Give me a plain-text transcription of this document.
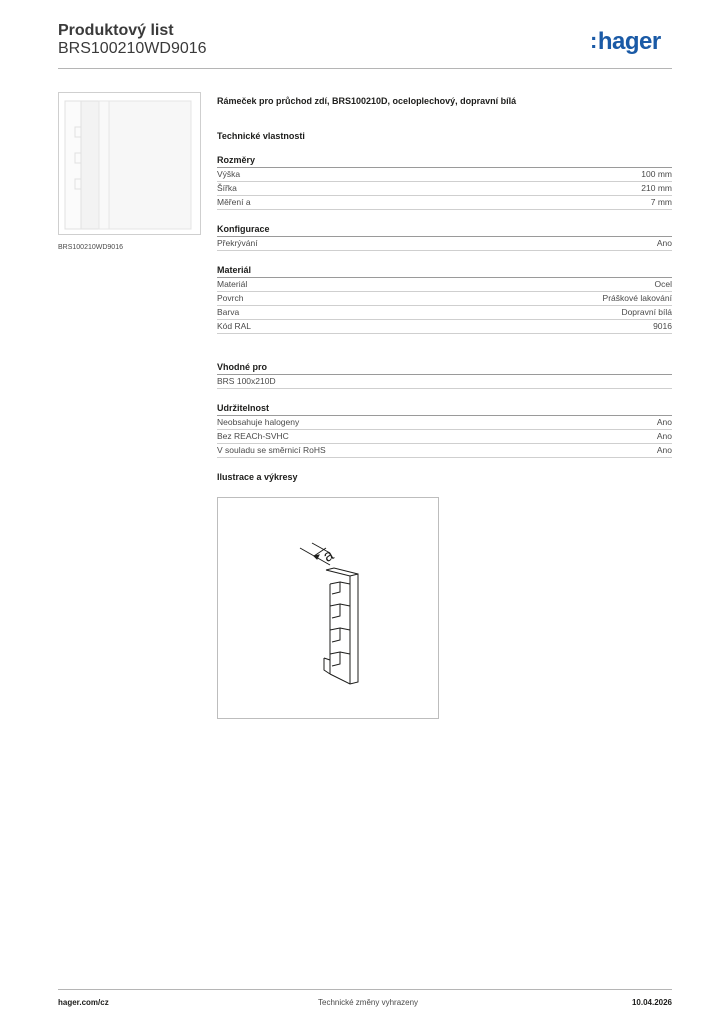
Produktový list
BRS100210WD9016	:hager
BRS100210WD9016
Rámeček pro průchod zdí, BRS100210D, oceloplechový, dopravní bílá
Technické vlastnosti
Rozměry
Výška	100 mm
Šířka	210 mm
Měření a	7 mm
Konfigurace
Překrývání	Ano
Materiál
Materiál	Ocel
Povrch	Práškové lakování
Barva	Dopravní bílá
Kód RAL	9016
Vhodné pro
BRS 100x210D
Udržitelnost
Neobsahuje halogeny	Ano
Bez REACh-SVHC	Ano
V souladu se směrnicí RoHS	Ano
Ilustrace a výkresy
a
hager.com/cz	Technické změny vyhrazeny	10.04.2026
